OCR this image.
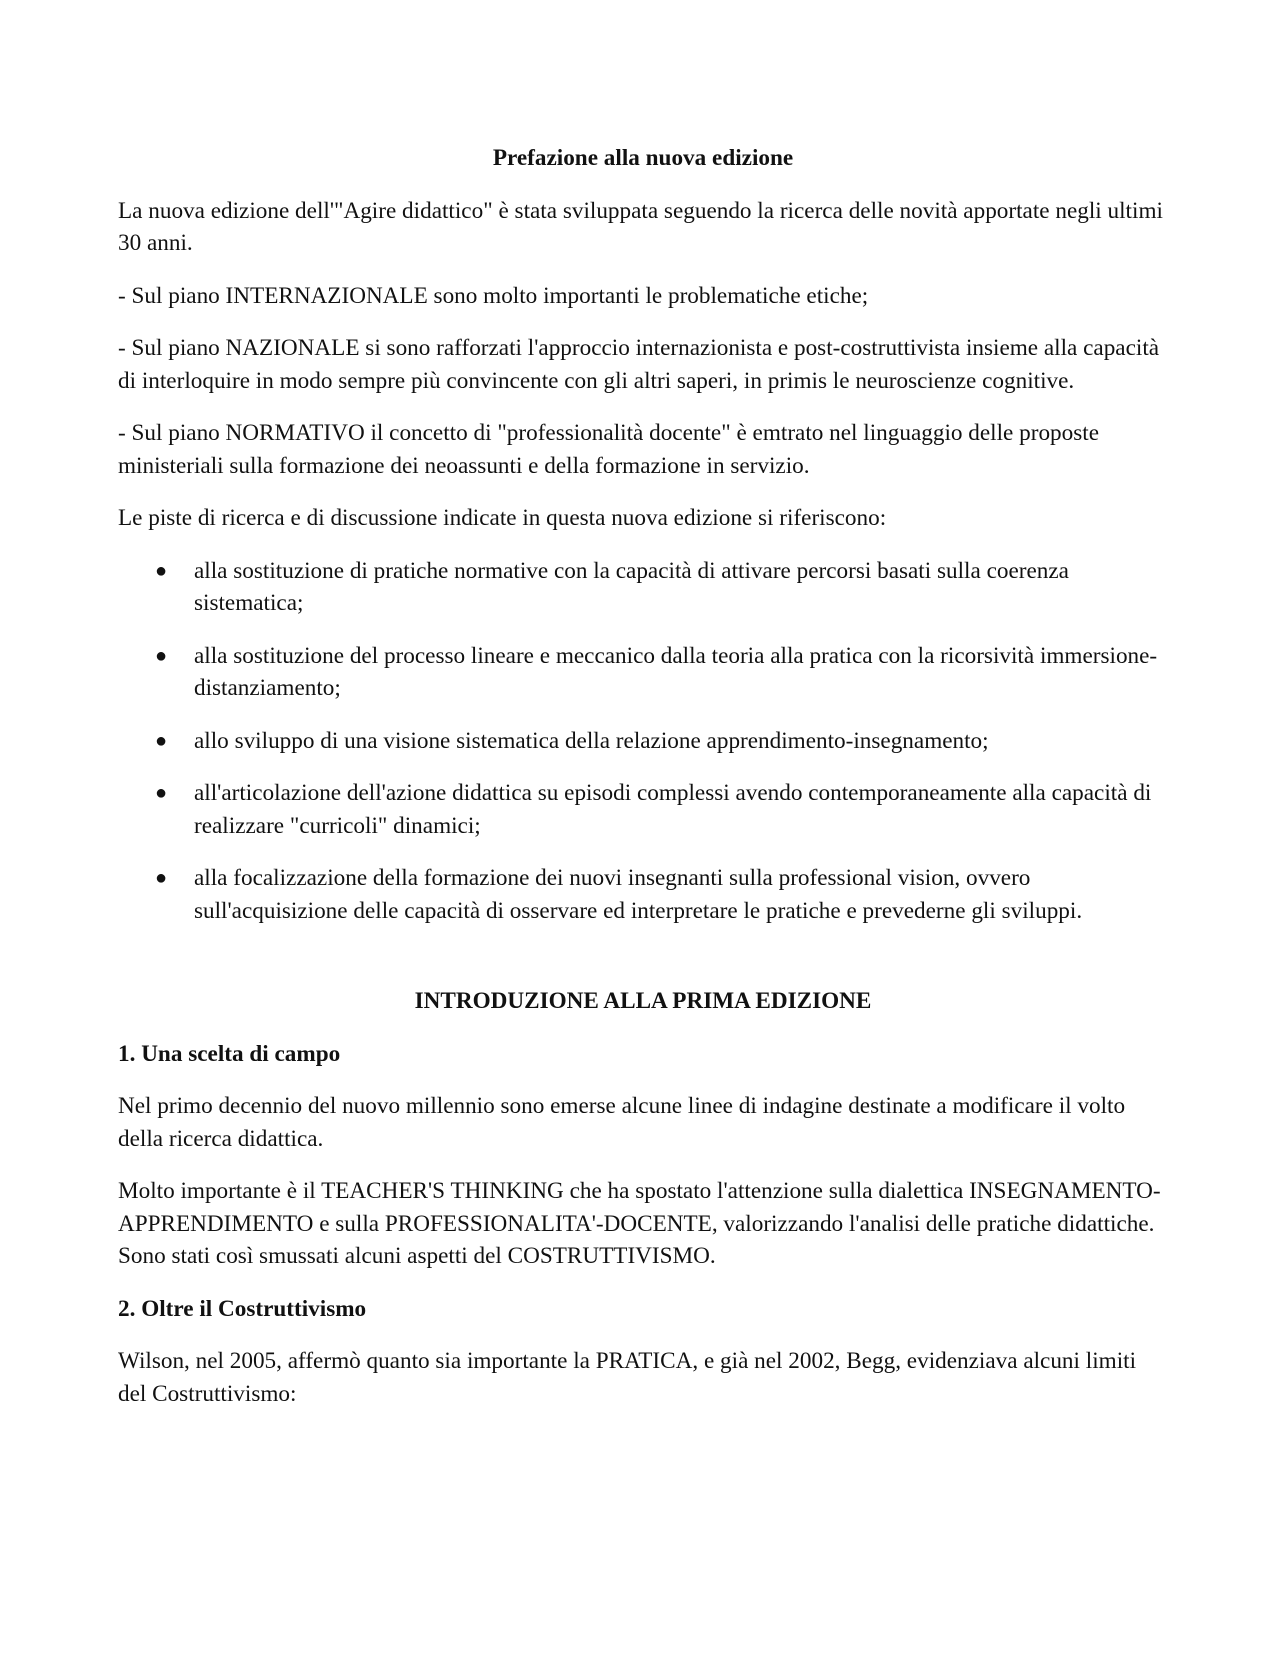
Prefazione alla nuova edizione

La nuova edizione dell'"Agire didattico" è stata sviluppata seguendo la ricerca delle novità apportate negli ultimi 30 anni.

- Sul piano INTERNAZIONALE sono molto importanti le problematiche etiche;

- Sul piano NAZIONALE si sono rafforzati l'approccio internazionista e post-costruttivista insieme alla capacità di interloquire in modo sempre più convincente con gli altri saperi, in primis le neuroscienze cognitive.

- Sul piano NORMATIVO il concetto di "professionalità docente" è emtrato nel linguaggio delle proposte ministeriali sulla formazione dei neoassunti e della formazione in servizio.

Le piste di ricerca e di discussione indicate in questa nuova edizione si riferiscono:

● alla sostituzione di pratiche normative con la capacità di attivare percorsi basati sulla coerenza sistematica;
● alla sostituzione del processo lineare e meccanico dalla teoria alla pratica con la ricorsività immersione-distanziamento;
● allo sviluppo di una visione sistematica della relazione apprendimento-insegnamento;
● all'articolazione dell'azione didattica su episodi complessi avendo contemporaneamente alla capacità di realizzare "curricoli" dinamici;
● alla focalizzazione della formazione dei nuovi insegnanti sulla professional vision, ovvero sull'acquisizione delle capacità di osservare ed interpretare le pratiche e prevederne gli sviluppi.
INTRODUZIONE ALLA PRIMA EDIZIONE
1. Una scelta di campo

Nel primo decennio del nuovo millennio sono emerse alcune linee di indagine destinate a modificare il volto della ricerca didattica.

Molto importante è il TEACHER'S THINKING che ha spostato l'attenzione sulla dialettica INSEGNAMENTO-APPRENDIMENTO e sulla PROFESSIONALITA'-DOCENTE, valorizzando l'analisi delle pratiche didattiche. Sono stati così smussati alcuni aspetti del COSTRUTTIVISMO.

2. Oltre il Costruttivismo

Wilson, nel 2005, affermò quanto sia importante la PRATICA, e già nel 2002, Begg, evidenziava alcuni limiti del Costruttivismo:
